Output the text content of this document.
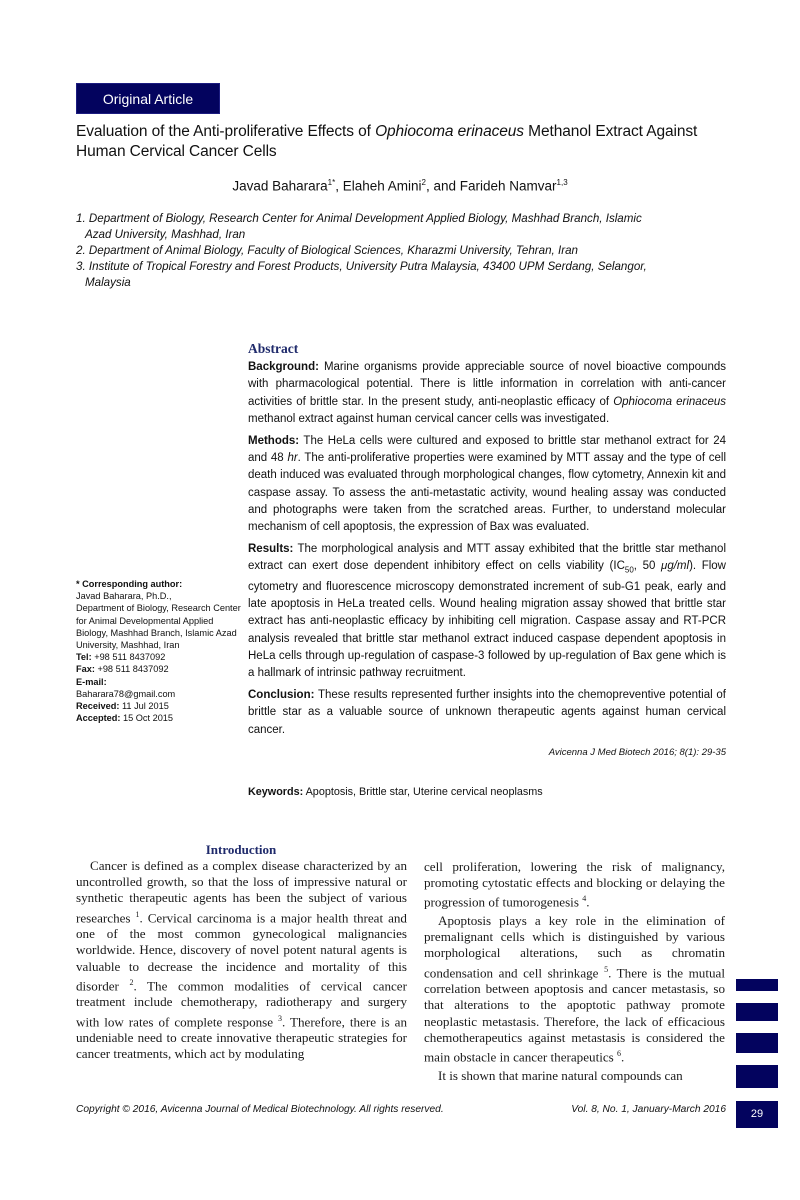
Original Article
Evaluation of the Anti-proliferative Effects of Ophiocoma erinaceus Methanol Extract Against Human Cervical Cancer Cells
Javad Baharara$^{1*}$, Elaheh Amini$^2$, and Farideh Namvar$^{1,3}$
1. Department of Biology, Research Center for Animal Development Applied Biology, Mashhad Branch, Islamic
Azad University, Mashhad, Iran
2. Department of Animal Biology, Faculty of Biological Sciences, Kharazmi University, Tehran, Iran
3. Institute of Tropical Forestry and Forest Products, University Putra Malaysia, 43400 UPM Serdang, Selangor,
Malaysia
Abstract

Background: Marine organisms provide appreciable source of novel bioactive compounds with pharmacological potential. There is little information in correlation with anti-cancer activities of brittle star. In the present study, anti-neoplastic efficacy of Ophiocoma erinaceus methanol extract against human cervical cancer cells was investigated.

Methods: The HeLa cells were cultured and exposed to brittle star methanol extract for 24 and 48 hr. The anti-proliferative properties were examined by MTT assay and the type of cell death induced was evaluated through morphological changes, flow cytometry, Annexin kit and caspase assay. To assess the anti-metastatic activity, wound healing assay was conducted and photographs were taken from the scratched areas. Further, to understand molecular mechanism of cell apoptosis, the expression of Bax was evaluated.

Results: The morphological analysis and MTT assay exhibited that the brittle star methanol extract can exert dose dependent inhibitory effect on cells viability ($IC_{50}$, 50 μg/ml). Flow cytometry and fluorescence microscopy demonstrated increment of sub-G1 peak, early and late apoptosis in HeLa treated cells. Wound healing migration assay showed that brittle star extract has anti-neoplastic efficacy by inhibiting cell migration. Caspase assay and RT-PCR analysis revealed that brittle star methanol extract induced caspase dependent apoptosis in HeLa cells through up-regulation of caspase-3 followed by up-regulation of Bax gene which is a hallmark of intrinsic pathway recruitment.

Conclusion: These results represented further insights into the chemopreventive potential of brittle star as a valuable source of unknown therapeutic agents against human cervical cancer.

Avicenna J Med Biotech 2016; 8(1): 29-35
Keywords: Apoptosis, Brittle star, Uterine cervical neoplasms
* Corresponding author:
Javad Baharara, Ph.D.,
Department of Biology, Research Center for Animal Developmental Applied Biology, Mashhad Branch, Islamic Azad University, Mashhad, Iran
Tel: +98 511 8437092
Fax: +98 511 8437092
E-mail:
Baharara78@gmail.com
Received: 11 Jul 2015
Accepted: 15 Oct 2015
Introduction

Cancer is defined as a complex disease characterized by an uncontrolled growth, so that the loss of impressive natural or synthetic therapeutic agents has been the subject of various researches $^1$. Cervical carcinoma is a major health threat and one of the most common gynecological malignancies worldwide. Hence, discovery of novel potent natural agents is valuable to decrease the incidence and mortality of this disorder $^2$. The common modalities of cervical cancer treatment include chemotherapy, radiotherapy and surgery with low rates of complete response $^3$. Therefore, there is an undeniable need to create innovative therapeutic strategies for cancer treatments, which act by modulating

cell proliferation, lowering the risk of malignancy, promoting cytostatic effects and blocking or delaying the progression of tumorogenesis $^4$.

Apoptosis plays a key role in the elimination of premalignant cells which is distinguished by various morphological alterations, such as chromatin condensation and cell shrinkage $^5$. There is the mutual correlation between apoptosis and cancer metastasis, so that alterations to the apoptotic pathway promote neoplastic metastasis. Therefore, the lack of efficacious chemotherapeutics against metastasis is considered the main obstacle in cancer therapeutics $^6$.

It is shown that marine natural compounds can

Copyright © 2016, Avicenna Journal of Medical Biotechnology. All rights reserved.	Vol. 8, No. 1, January-March 2016	29
